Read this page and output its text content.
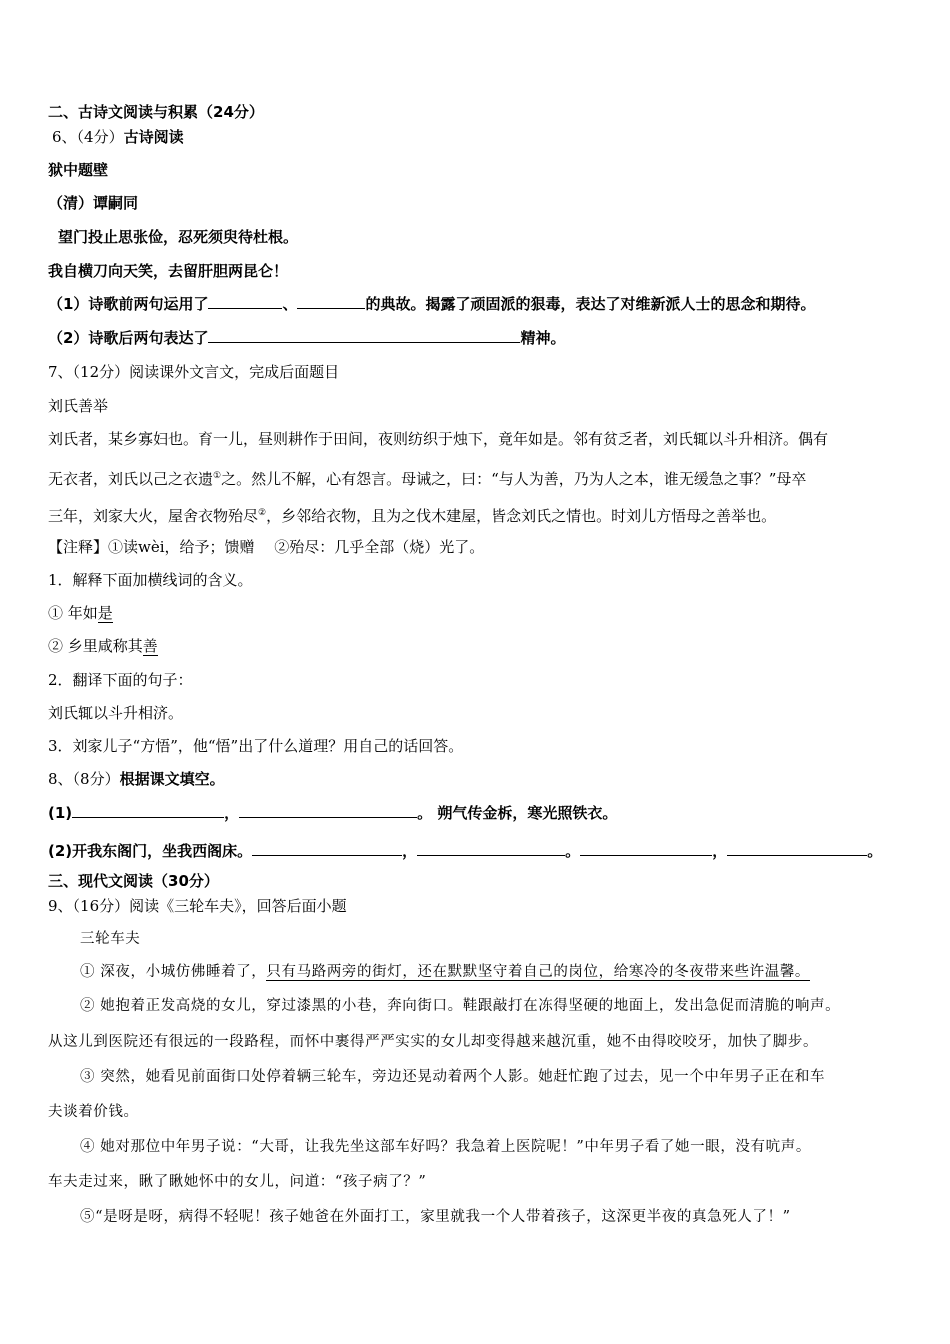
二、古诗文阅读与积累（24分）
6、（4分）古诗阅读
狱中题壁
（清）谭嗣同
望门投止思张俭，忍死须臾待杜根。
我自横刀向天笑，去留肝胆两昆仑！
（1）诗歌前两句运用了	、	的典故。揭露了顽固派的狠毒，表达了对维新派人士的思念和期待。
（2）诗歌后两句表达了	精神。
7、（12分）阅读课外文言文，完成后面题目
刘氏善举
刘氏者，某乡寡妇也。育一儿，昼则耕作于田间，夜则纺织于烛下，竟年如是。邻有贫乏者，刘氏辄以斗升相济。偶有
无衣者，刘氏以己之衣遗①之。然儿不解，心有怨言。母诫之，曰：“与人为善，乃为人之本，谁无缓急之事？”母卒
三年，刘家大火，屋舍衣物殆尽②，乡邻给衣物，且为之伐木建屋，皆念刘氏之情也。时刘儿方悟母之善举也。
【注释】①读wèi，给予；馈赠　 ②殆尽：几乎全部（烧）光了。
1．解释下面加横线词的含义。
① 年如是
② 乡里咸称其善
2．翻译下面的句子：
刘氏辄以斗升相济。
3．刘家儿子“方悟”，他“悟”出了什么道理？用自己的话回答。
8、（8分）根据课文填空。
(1)	，	。 朔气传金柝，寒光照铁衣。
(2)开我东阁门，坐我西阁床。	，	。	，	。
三、现代文阅读（30分）
9、（16分）阅读《三轮车夫》，回答后面小题
三轮车夫
① 深夜，小城仿佛睡着了，只有马路两旁的街灯，还在默默坚守着自己的岗位，给寒冷的冬夜带来些许温馨。
② 她抱着正发高烧的女儿，穿过漆黑的小巷，奔向街口。鞋跟敲打在冻得坚硬的地面上，发出急促而清脆的响声。
从这儿到医院还有很远的一段路程，而怀中裹得严严实实的女儿却变得越来越沉重，她不由得咬咬牙，加快了脚步。
③ 突然，她看见前面街口处停着辆三轮车，旁边还晃动着两个人影。她赶忙跑了过去，见一个中年男子正在和车
夫谈着价钱。
④ 她对那位中年男子说：“大哥，让我先坐这部车好吗？我急着上医院呢！”中年男子看了她一眼，没有吭声。
车夫走过来，瞅了瞅她怀中的女儿，问道：“孩子病了？”
⑤“是呀是呀，病得不轻呢！孩子她爸在外面打工，家里就我一个人带着孩子，这深更半夜的真急死人了！”
